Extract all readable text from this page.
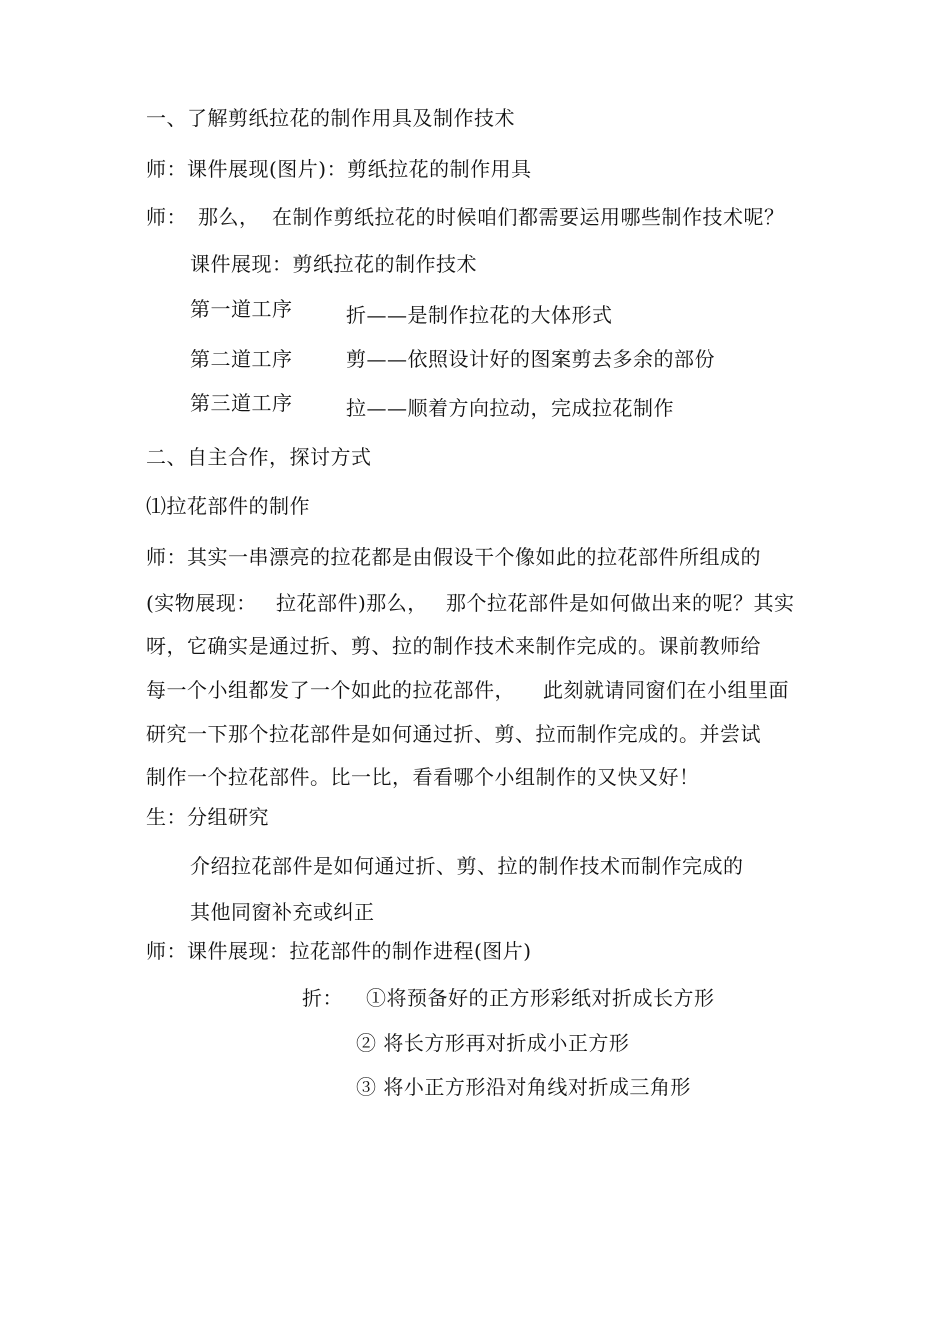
一、了解剪纸拉花的制作用具及制作技术
师：课件展现(图片)：剪纸拉花的制作用具
师： 那么， 在制作剪纸拉花的时候咱们都需要运用哪些制作技术呢？
课件展现：剪纸拉花的制作技术
第一道工序	折——是制作拉花的大体形式
第二道工序	剪——依照设计好的图案剪去多余的部份
第三道工序	拉——顺着方向拉动，完成拉花制作
二、自主合作，探讨方式
⑴拉花部件的制作
师：其实一串漂亮的拉花都是由假设干个像如此的拉花部件所组成的
(实物展现： 拉花部件)那么， 那个拉花部件是如何做出来的呢？其实
呀，它确实是通过折、剪、拉的制作技术来制作完成的。课前教师给
每一个小组都发了一个如此的拉花部件， 此刻就请同窗们在小组里面
研究一下那个拉花部件是如何通过折、剪、拉而制作完成的。并尝试
制作一个拉花部件。比一比，看看哪个小组制作的又快又好！
生：分组研究
介绍拉花部件是如何通过折、剪、拉的制作技术而制作完成的
其他同窗补充或纠正
师：课件展现：拉花部件的制作进程(图片)
折： ①将预备好的正方形彩纸对折成长方形
② 将长方形再对折成小正方形
③ 将小正方形沿对角线对折成三角形
